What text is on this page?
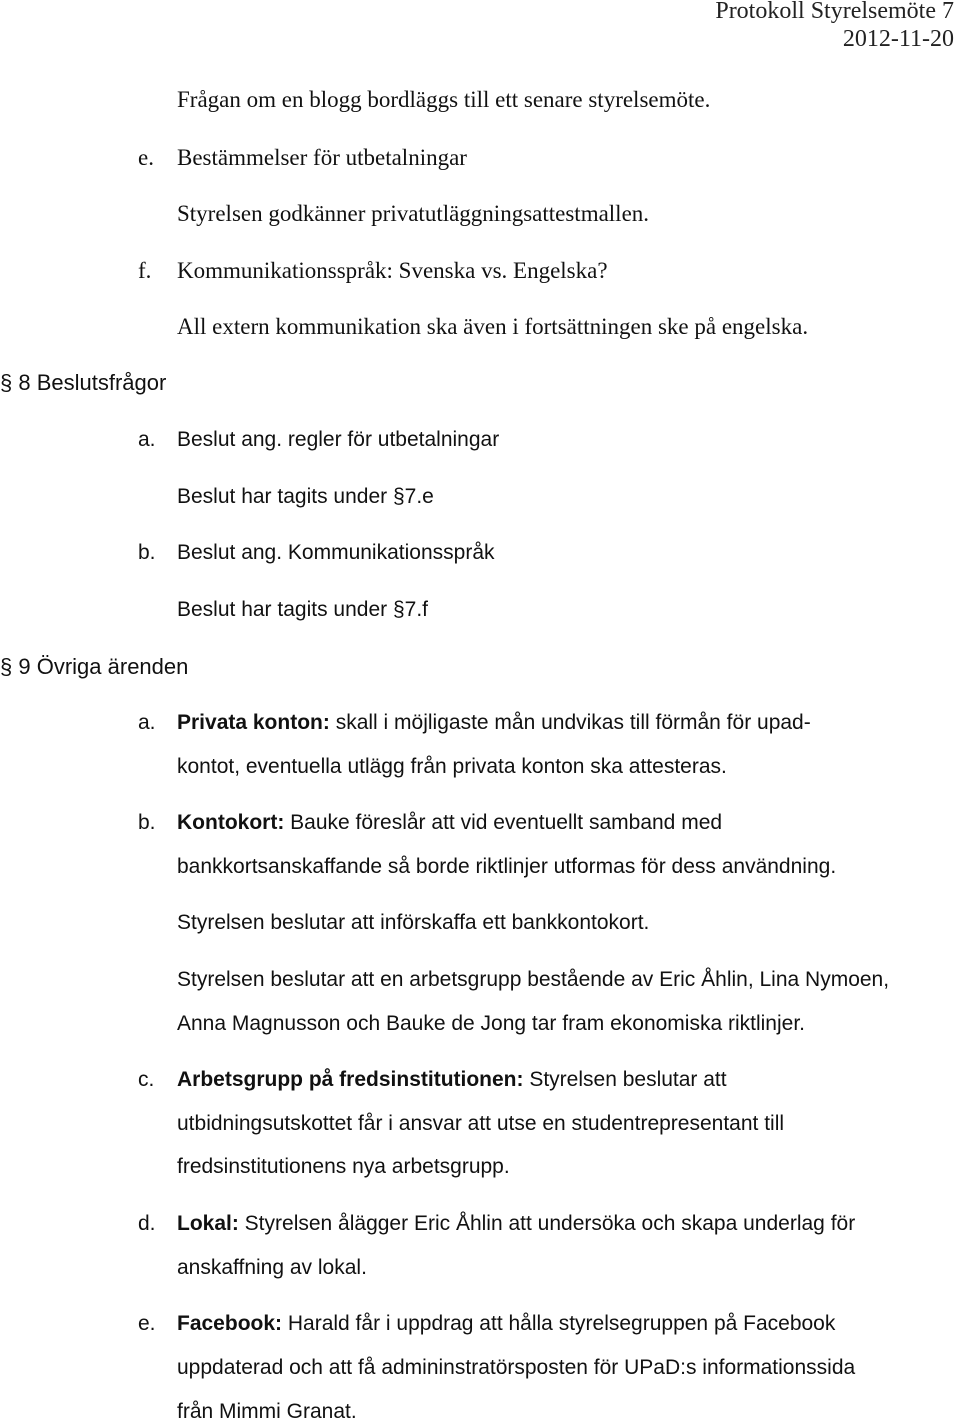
Protokoll Styrelsemöte 7
2012-11-20
Frågan om en blogg bordläggs till ett senare styrelsemöte.
e. Bestämmelser för utbetalningar
Styrelsen godkänner privatutläggningsattestmallen.
f. Kommunikationsspråk: Svenska vs. Engelska?
All extern kommunikation ska även i fortsättningen ske på engelska.
§ 8 Beslutsfrågor
a. Beslut ang. regler för utbetalningar
Beslut har tagits under §7.e
b. Beslut ang. Kommunikationsspråk
Beslut har tagits under §7.f
§ 9 Övriga ärenden
a. Privata konton: skall i möjligaste mån undvikas till förmån för upad-
kontot, eventuella utlägg från privata konton ska attesteras.
b. Kontokort: Bauke föreslår att vid eventuellt samband med
bankkortsanskaffande så borde riktlinjer utformas för dess användning.
Styrelsen beslutar att införskaffa ett bankkontokort.
Styrelsen beslutar att en arbetsgrupp bestående av Eric Åhlin, Lina Nymoen,
Anna Magnusson och Bauke de Jong tar fram ekonomiska riktlinjer.
c. Arbetsgrupp på fredsinstitutionen: Styrelsen beslutar att
utbidningsutskottet får i ansvar att utse en studentrepresentant till
fredsinstitutionens nya arbetsgrupp.
d. Lokal: Styrelsen ålägger Eric Åhlin att undersöka och skapa underlag för
anskaffning av lokal.
e. Facebook: Harald får i uppdrag att hålla styrelsegruppen på Facebook
uppdaterad och att få admininstratörsposten för UPaD:s informationssida
från Mimmi Granat.
